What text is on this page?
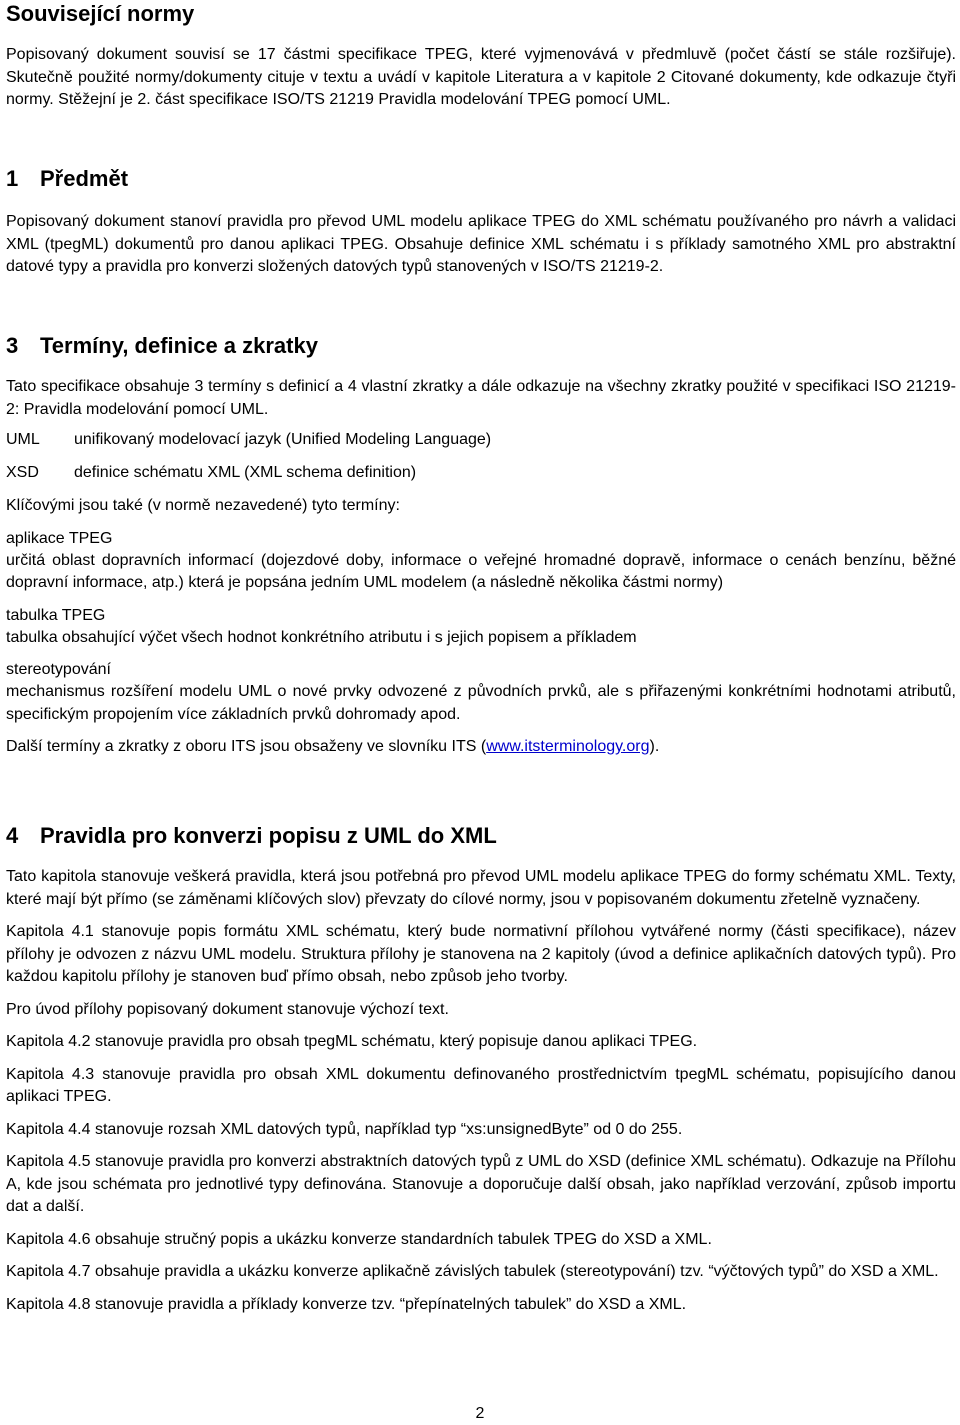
Související normy

Popisovaný dokument souvisí se 17 částmi specifikace TPEG, které vyjmenovává v předmluvě (počet částí se stále rozšiřuje). Skutečně použité normy/dokumenty cituje v textu a uvádí v kapitole Literatura a v kapitole 2 Citované dokumenty, kde odkazuje čtyři normy. Stěžejní je 2. část specifikace ISO/TS 21219 Pravidla modelování TPEG pomocí UML.

1 Předmět

Popisovaný dokument stanoví pravidla pro převod UML modelu aplikace TPEG do XML schématu používaného pro návrh a validaci XML (tpegML) dokumentů pro danou aplikaci TPEG. Obsahuje definice XML schématu i s příklady samotného XML pro abstraktní datové typy a pravidla pro konverzi složených datových typů stanovených v ISO/TS 21219-2.

3 Termíny, definice a zkratky

Tato specifikace obsahuje 3 termíny s definicí a 4 vlastní zkratky a dále odkazuje na všechny zkratky použité v specifikaci ISO 21219-2: Pravidla modelování pomocí UML.

UML	unifikovaný modelovací jazyk (Unified Modeling Language)
XSD	definice schématu XML (XML schema definition)

Klíčovými jsou také (v normě nezavedené) tyto termíny:

aplikace TPEG

určitá oblast dopravních informací (dojezdové doby, informace o veřejné hromadné dopravě, informace o cenách benzínu, běžné dopravní informace, atp.) která je popsána jedním UML modelem (a následně několika částmi normy)

tabulka TPEG

tabulka obsahující výčet všech hodnot konkrétního atributu i s jejich popisem a příkladem

stereotypování

mechanismus rozšíření modelu UML o nové prvky odvozené z původních prvků, ale s přiřazenými konkrétními hodnotami atributů, specifickým propojením více základních prvků dohromady apod.

Další termíny a zkratky z oboru ITS jsou obsaženy ve slovníku ITS (www.itsterminology.org).

4 Pravidla pro konverzi popisu z UML do XML

Tato kapitola stanovuje veškerá pravidla, která jsou potřebná pro převod UML modelu aplikace TPEG do formy schématu XML. Texty, které mají být přímo (se záměnami klíčových slov) převzaty do cílové normy, jsou v popisovaném dokumentu zřetelně vyznačeny.

Kapitola 4.1 stanovuje popis formátu XML schématu, který bude normativní přílohou vytvářené normy (části specifikace), název přílohy je odvozen z názvu UML modelu. Struktura přílohy je stanovena na 2 kapitoly (úvod a definice aplikačních datových typů). Pro každou kapitolu přílohy je stanoven buď přímo obsah, nebo způsob jeho tvorby.

Pro úvod přílohy popisovaný dokument stanovuje výchozí text.

Kapitola 4.2 stanovuje pravidla pro obsah tpegML schématu, který popisuje danou aplikaci TPEG.

Kapitola 4.3 stanovuje pravidla pro obsah XML dokumentu definovaného prostřednictvím tpegML schématu, popisujícího danou aplikaci TPEG.

Kapitola 4.4 stanovuje rozsah XML datových typů, například typ “xs:unsignedByte” od 0 do 255.

Kapitola 4.5 stanovuje pravidla pro konverzi abstraktních datových typů z UML do XSD (definice XML schématu). Odkazuje na Přílohu A, kde jsou schémata pro jednotlivé typy definována. Stanovuje a doporučuje další obsah, jako například verzování, způsob importu dat a další.

Kapitola 4.6 obsahuje stručný popis a ukázku konverze standardních tabulek TPEG do XSD a XML.

Kapitola 4.7 obsahuje pravidla a ukázku konverze aplikačně závislých tabulek (stereotypování) tzv. “výčtových typů” do XSD a XML.

Kapitola 4.8 stanovuje pravidla a příklady konverze tzv. “přepínatelných tabulek” do XSD a XML.

2
